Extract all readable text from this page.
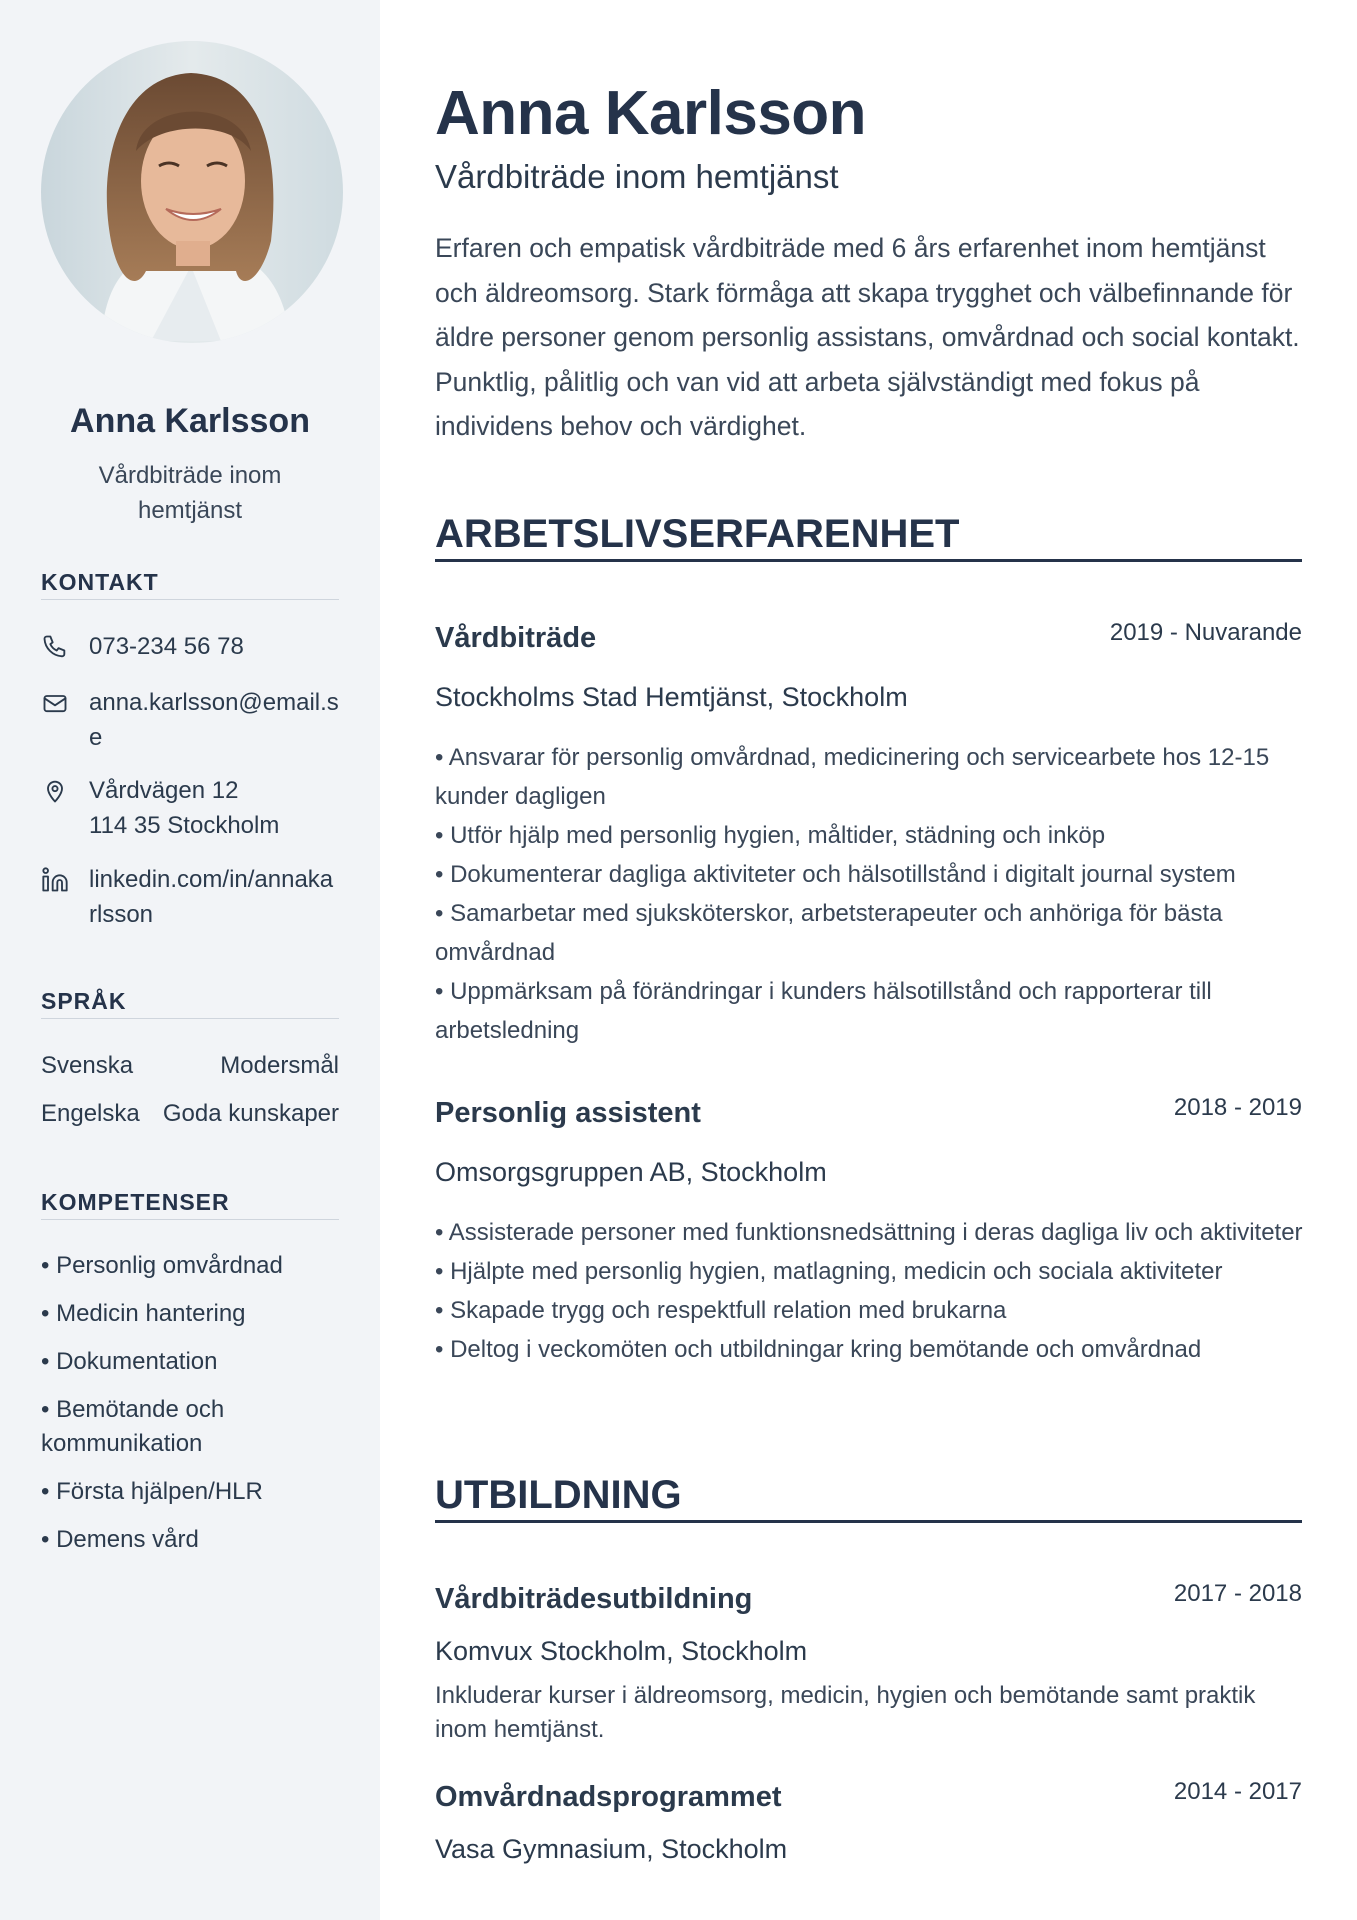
Anna Karlsson
Vårdbiträde inom hemtjänst
KONTAKT
073-234 56 78
anna.karlsson@email.se
Vårdvägen 12
114 35 Stockholm
linkedin.com/in/annakarlsson
SPRÅK
Svenska	Modersmål
Engelska Goda kunskaper
KOMPETENSER
• Personlig omvårdnad
• Medicin hantering
• Dokumentation
• Bemötande och kommunikation
• Första hjälpen/HLR
• Demens vård
Anna Karlsson
Vårdbiträde inom hemtjänst

Erfaren och empatisk vårdbiträde med 6 års erfarenhet inom hemtjänst och äldreomsorg. Stark förmåga att skapa trygghet och välbefinnande för äldre personer genom personlig assistans, omvårdnad och social kontakt. Punktlig, pålitlig och van vid att arbeta självständigt med fokus på individens behov och värdighet.

ARBETSLIVSERFARENHET
Vårdbiträde	2019 - Nuvarande
Stockholms Stad Hemtjänst, Stockholm
• Ansvarar för personlig omvårdnad, medicinering och servicearbete hos 12-15 kunder dagligen
• Utför hjälp med personlig hygien, måltider, städning och inköp
• Dokumenterar dagliga aktiviteter och hälsotillstånd i digitalt journal system
• Samarbetar med sjuksköterskor, arbetsterapeuter och anhöriga för bästa omvårdnad
• Uppmärksam på förändringar i kunders hälsotillstånd och rapporterar till arbetsledning
Personlig assistent	2018 - 2019
Omsorgsgruppen AB, Stockholm
• Assisterade personer med funktionsnedsättning i deras dagliga liv och aktiviteter
• Hjälpte med personlig hygien, matlagning, medicin och sociala aktiviteter
• Skapade trygg och respektfull relation med brukarna
• Deltog i veckomöten och utbildningar kring bemötande och omvårdnad
UTBILDNING
Vårdbiträdesutbildning	2017 - 2018
Komvux Stockholm, Stockholm
Inkluderar kurser i äldreomsorg, medicin, hygien och bemötande samt praktik inom hemtjänst.
Omvårdnadsprogrammet	2014 - 2017
Vasa Gymnasium, Stockholm
